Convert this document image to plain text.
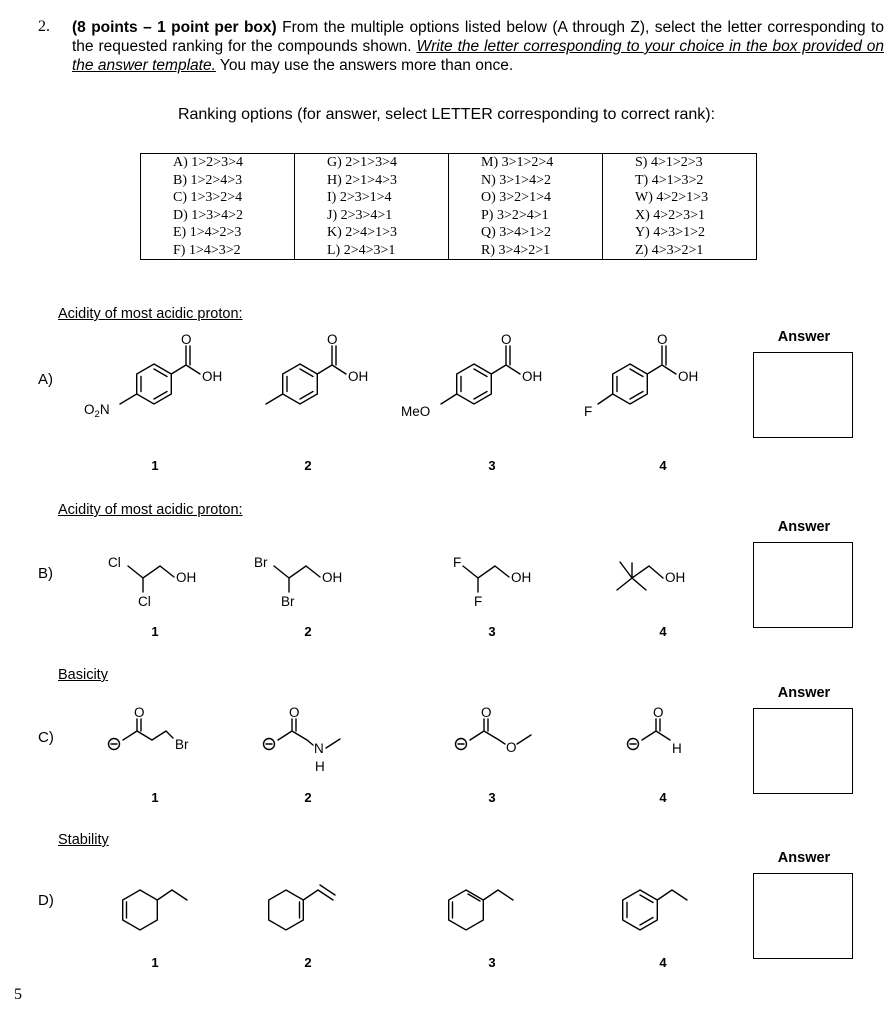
2. (8 points – 1 point per box) From the multiple options listed below (A through Z), select the letter corresponding to the requested ranking for the compounds shown. Write the letter corresponding to your choice in the box provided on the answer template. You may use the answers more than once.
Ranking options (for answer, select LETTER corresponding to correct rank):
A) 1>2>3>4	G) 2>1>3>4	M) 3>1>2>4	S) 4>1>2>3
B) 1>2>4>3	H) 2>1>4>3	N) 3>1>4>2	T) 4>1>3>2
C) 1>3>2>4	I) 2>3>1>4	O) 3>2>1>4	W) 4>2>1>3
D) 1>3>4>2	J) 2>3>4>1	P) 3>2>4>1	X) 4>2>3>1
E) 1>4>2>3	K) 2>4>1>3	Q) 3>4>1>2	Y) 4>3>1>2
F) 1>4>3>2	L) 2>4>3>1	R) 3>4>2>1	Z) 4>3>2>1
Acidity of most acidic proton:
A)
Answer
1	2	3	4
Acidity of most acidic proton:
B)
Answer
1	2	3	4
Basicity
C)
Answer
1	2	3	4
Stability
D)
Answer
1	2	3	4
5
O
OH
$O_2N$
O
OH
O
OH
MeO
O
OH
F
Cl
Cl
OH
Br
Br
OH
F
F
OH	OH
O
Br
O
N
H
O
O
O
H
